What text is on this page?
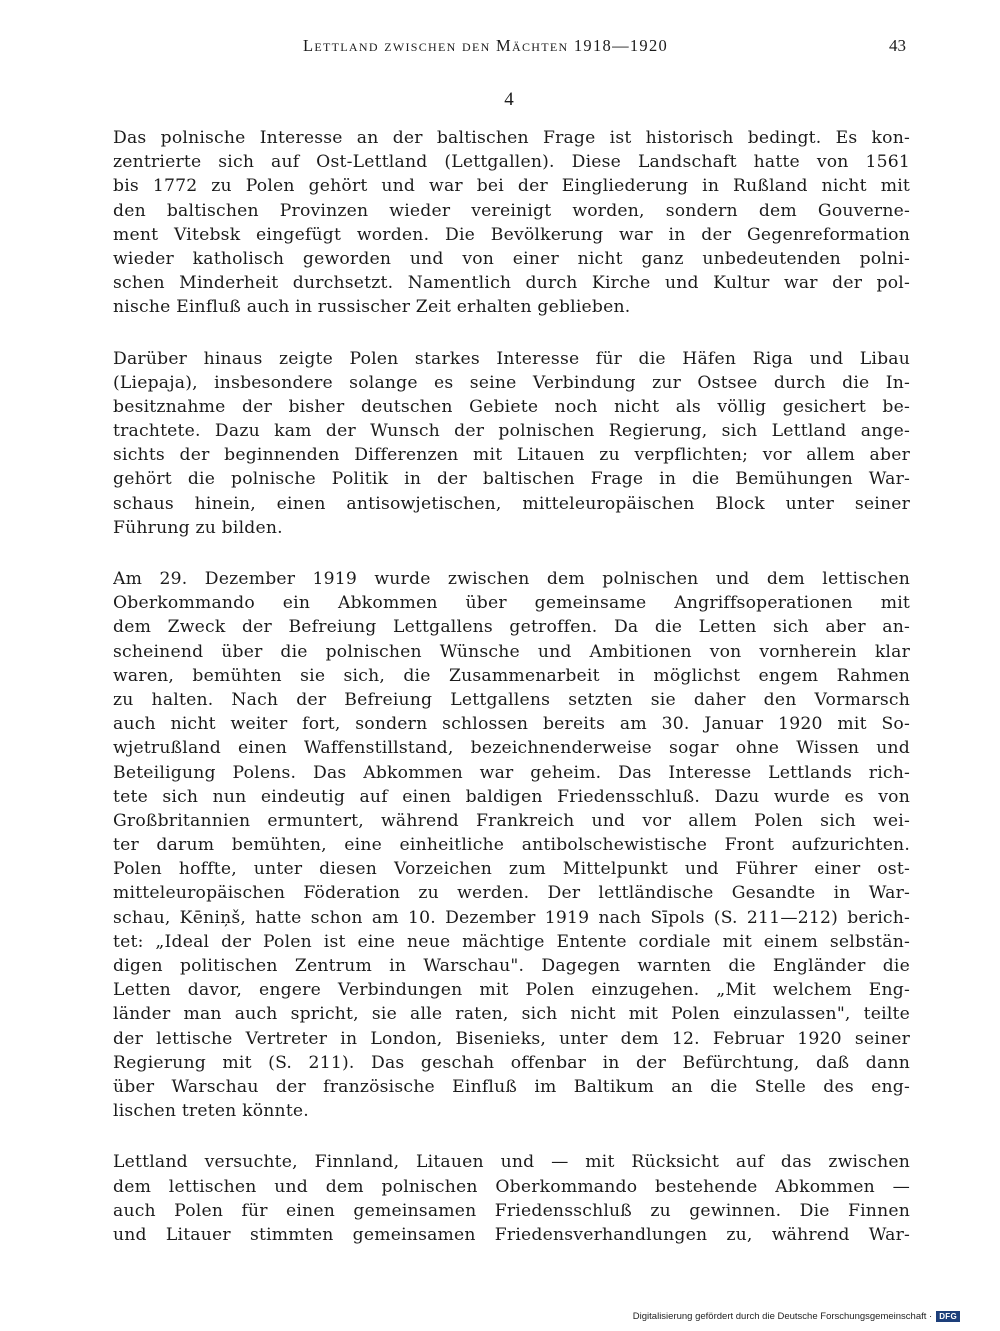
Lettland zwischen den Mächten 1918—1920	43
4
Das polnische Interesse an der baltischen Frage ist historisch bedingt. Es kon-
zentrierte sich auf Ost-Lettland (Lettgallen). Diese Landschaft hatte von 1561
bis 1772 zu Polen gehört und war bei der Eingliederung in Rußland nicht mit
den baltischen Provinzen wieder vereinigt worden, sondern dem Gouverne-
ment Vitebsk eingefügt worden. Die Bevölkerung war in der Gegenreformation
wieder katholisch geworden und von einer nicht ganz unbedeutenden polni-
schen Minderheit durchsetzt. Namentlich durch Kirche und Kultur war der pol-
nische Einfluß auch in russischer Zeit erhalten geblieben.
Darüber hinaus zeigte Polen starkes Interesse für die Häfen Riga und Libau
(Liepaja), insbesondere solange es seine Verbindung zur Ostsee durch die In-
besitznahme der bisher deutschen Gebiete noch nicht als völlig gesichert be-
trachtete. Dazu kam der Wunsch der polnischen Regierung, sich Lettland ange-
sichts der beginnenden Differenzen mit Litauen zu verpflichten; vor allem aber
gehört die polnische Politik in der baltischen Frage in die Bemühungen War-
schaus hinein, einen antisowjetischen, mitteleuropäischen Block unter seiner
Führung zu bilden.
Am 29. Dezember 1919 wurde zwischen dem polnischen und dem lettischen
Oberkommando ein Abkommen über gemeinsame Angriffsoperationen mit
dem Zweck der Befreiung Lettgallens getroffen. Da die Letten sich aber an-
scheinend über die polnischen Wünsche und Ambitionen von vornherein klar
waren, bemühten sie sich, die Zusammenarbeit in möglichst engem Rahmen
zu halten. Nach der Befreiung Lettgallens setzten sie daher den Vormarsch
auch nicht weiter fort, sondern schlossen bereits am 30. Januar 1920 mit So-
wjetrußland einen Waffenstillstand, bezeichnenderweise sogar ohne Wissen und
Beteiligung Polens. Das Abkommen war geheim. Das Interesse Lettlands rich-
tete sich nun eindeutig auf einen baldigen Friedensschluß. Dazu wurde es von
Großbritannien ermuntert, während Frankreich und vor allem Polen sich wei-
ter darum bemühten, eine einheitliche antibolschewistische Front aufzurichten.
Polen hoffte, unter diesen Vorzeichen zum Mittelpunkt und Führer einer ost-
mitteleuropäischen Föderation zu werden. Der lettländische Gesandte in War-
schau, Kēniņš, hatte schon am 10. Dezember 1919 nach Sīpols (S. 211—212) berich-
tet: „Ideal der Polen ist eine neue mächtige Entente cordiale mit einem selbstän-
digen politischen Zentrum in Warschau". Dagegen warnten die Engländer die
Letten davor, engere Verbindungen mit Polen einzugehen. „Mit welchem Eng-
länder man auch spricht, sie alle raten, sich nicht mit Polen einzulassen", teilte
der lettische Vertreter in London, Bisenieks, unter dem 12. Februar 1920 seiner
Regierung mit (S. 211). Das geschah offenbar in der Befürchtung, daß dann
über Warschau der französische Einfluß im Baltikum an die Stelle des eng-
lischen treten könnte.
Lettland versuchte, Finnland, Litauen und — mit Rücksicht auf das zwischen
dem lettischen und dem polnischen Oberkommando bestehende Abkommen —
auch Polen für einen gemeinsamen Friedensschluß zu gewinnen. Die Finnen
und Litauer stimmten gemeinsamen Friedensverhandlungen zu, während War-
Digitalisierung gefördert durch die Deutsche Forschungsgemeinschaft · DFG
